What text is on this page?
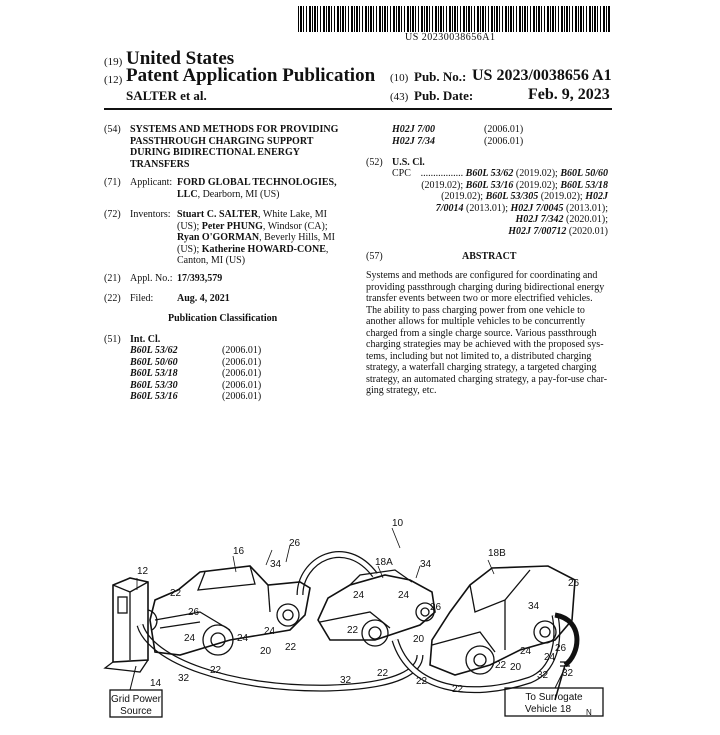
US 20230038656A1
(19) United States
(12) Patent Application Publication
SALTER et al.
(10) Pub. No.: US 2023/0038656 A1
(43) Pub. Date:	Feb. 9, 2023
(54) SYSTEMS AND METHODS FOR PROVIDING
PASSTHROUGH CHARGING SUPPORT
DURING BIDIRECTIONAL ENERGY
TRANSFERS
(71) Applicant: FORD GLOBAL TECHNOLOGIES,
LLC, Dearborn, MI (US)
(72) Inventors: Stuart C. SALTER, White Lake, MI
(US); Peter PHUNG, Windsor (CA);
Ryan O'GORMAN, Beverly Hills, MI
(US); Katherine HOWARD-CONE,
Canton, MI (US)
(21) Appl. No.: 17/393,579
(22) Filed: Aug. 4, 2021
Publication Classification
(51) Int. Cl.
B60L 53/62	(2006.01)
B60L 50/60	(2006.01)
B60L 53/18	(2006.01)
B60L 53/30	(2006.01)
B60L 53/16	(2006.01)
H02J 7/00	(2006.01)
H02J 7/34	(2006.01)
(52) U.S. Cl.
CPC ................. B60L 53/62 (2019.02); B60L 50/60
(2019.02); B60L 53/16 (2019.02); B60L 53/18
(2019.02); B60L 53/305 (2019.02); H02J
7/0014 (2013.01); H02J 7/0045 (2013.01);
H02J 7/342 (2020.01);
H02J 7/00712 (2020.01)
(57)	ABSTRACT
Systems and methods are configured for coordinating and
providing passthrough charging during bidirectional energy
transfer events between two or more electrified vehicles.
The ability to pass charging power from one vehicle to
another allows for multiple vehicles to be concurrently
charged from a single charge source. Various passthrough
charging strategies may be achieved with the proposed sys-
tems, including but not limited to, a distributed charging
strategy, a waterfall charging strategy, a targeted charging
strategy, an automated charging strategy, a pay-for-use char-
ging strategy, etc.
10
12
16
26
34	18A	34
18B
26
22
24
26
24
20 22
24
22
24
22
24
20
34
26
24
20
24
22
32
22
32	22
32
26
22
32
14
Grid Power
Source
To Surrogate
Vehicle 18 N
